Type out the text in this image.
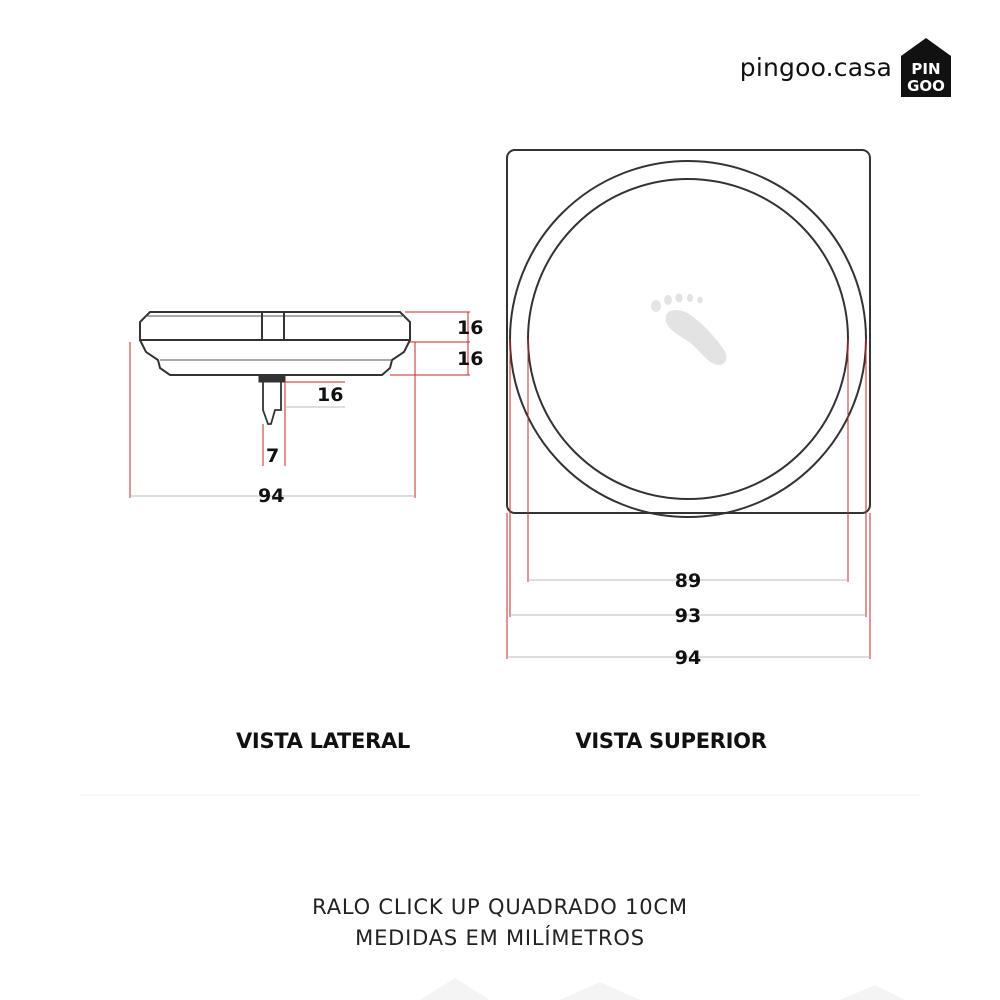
pingoo.casa PIN
GOO
16
16
16
7
94
VISTA LATERAL
89
93
94
VISTA SUPERIOR
RALO CLICK UP QUADRADO 10CM
MEDIDAS EM MILÍMETROS
